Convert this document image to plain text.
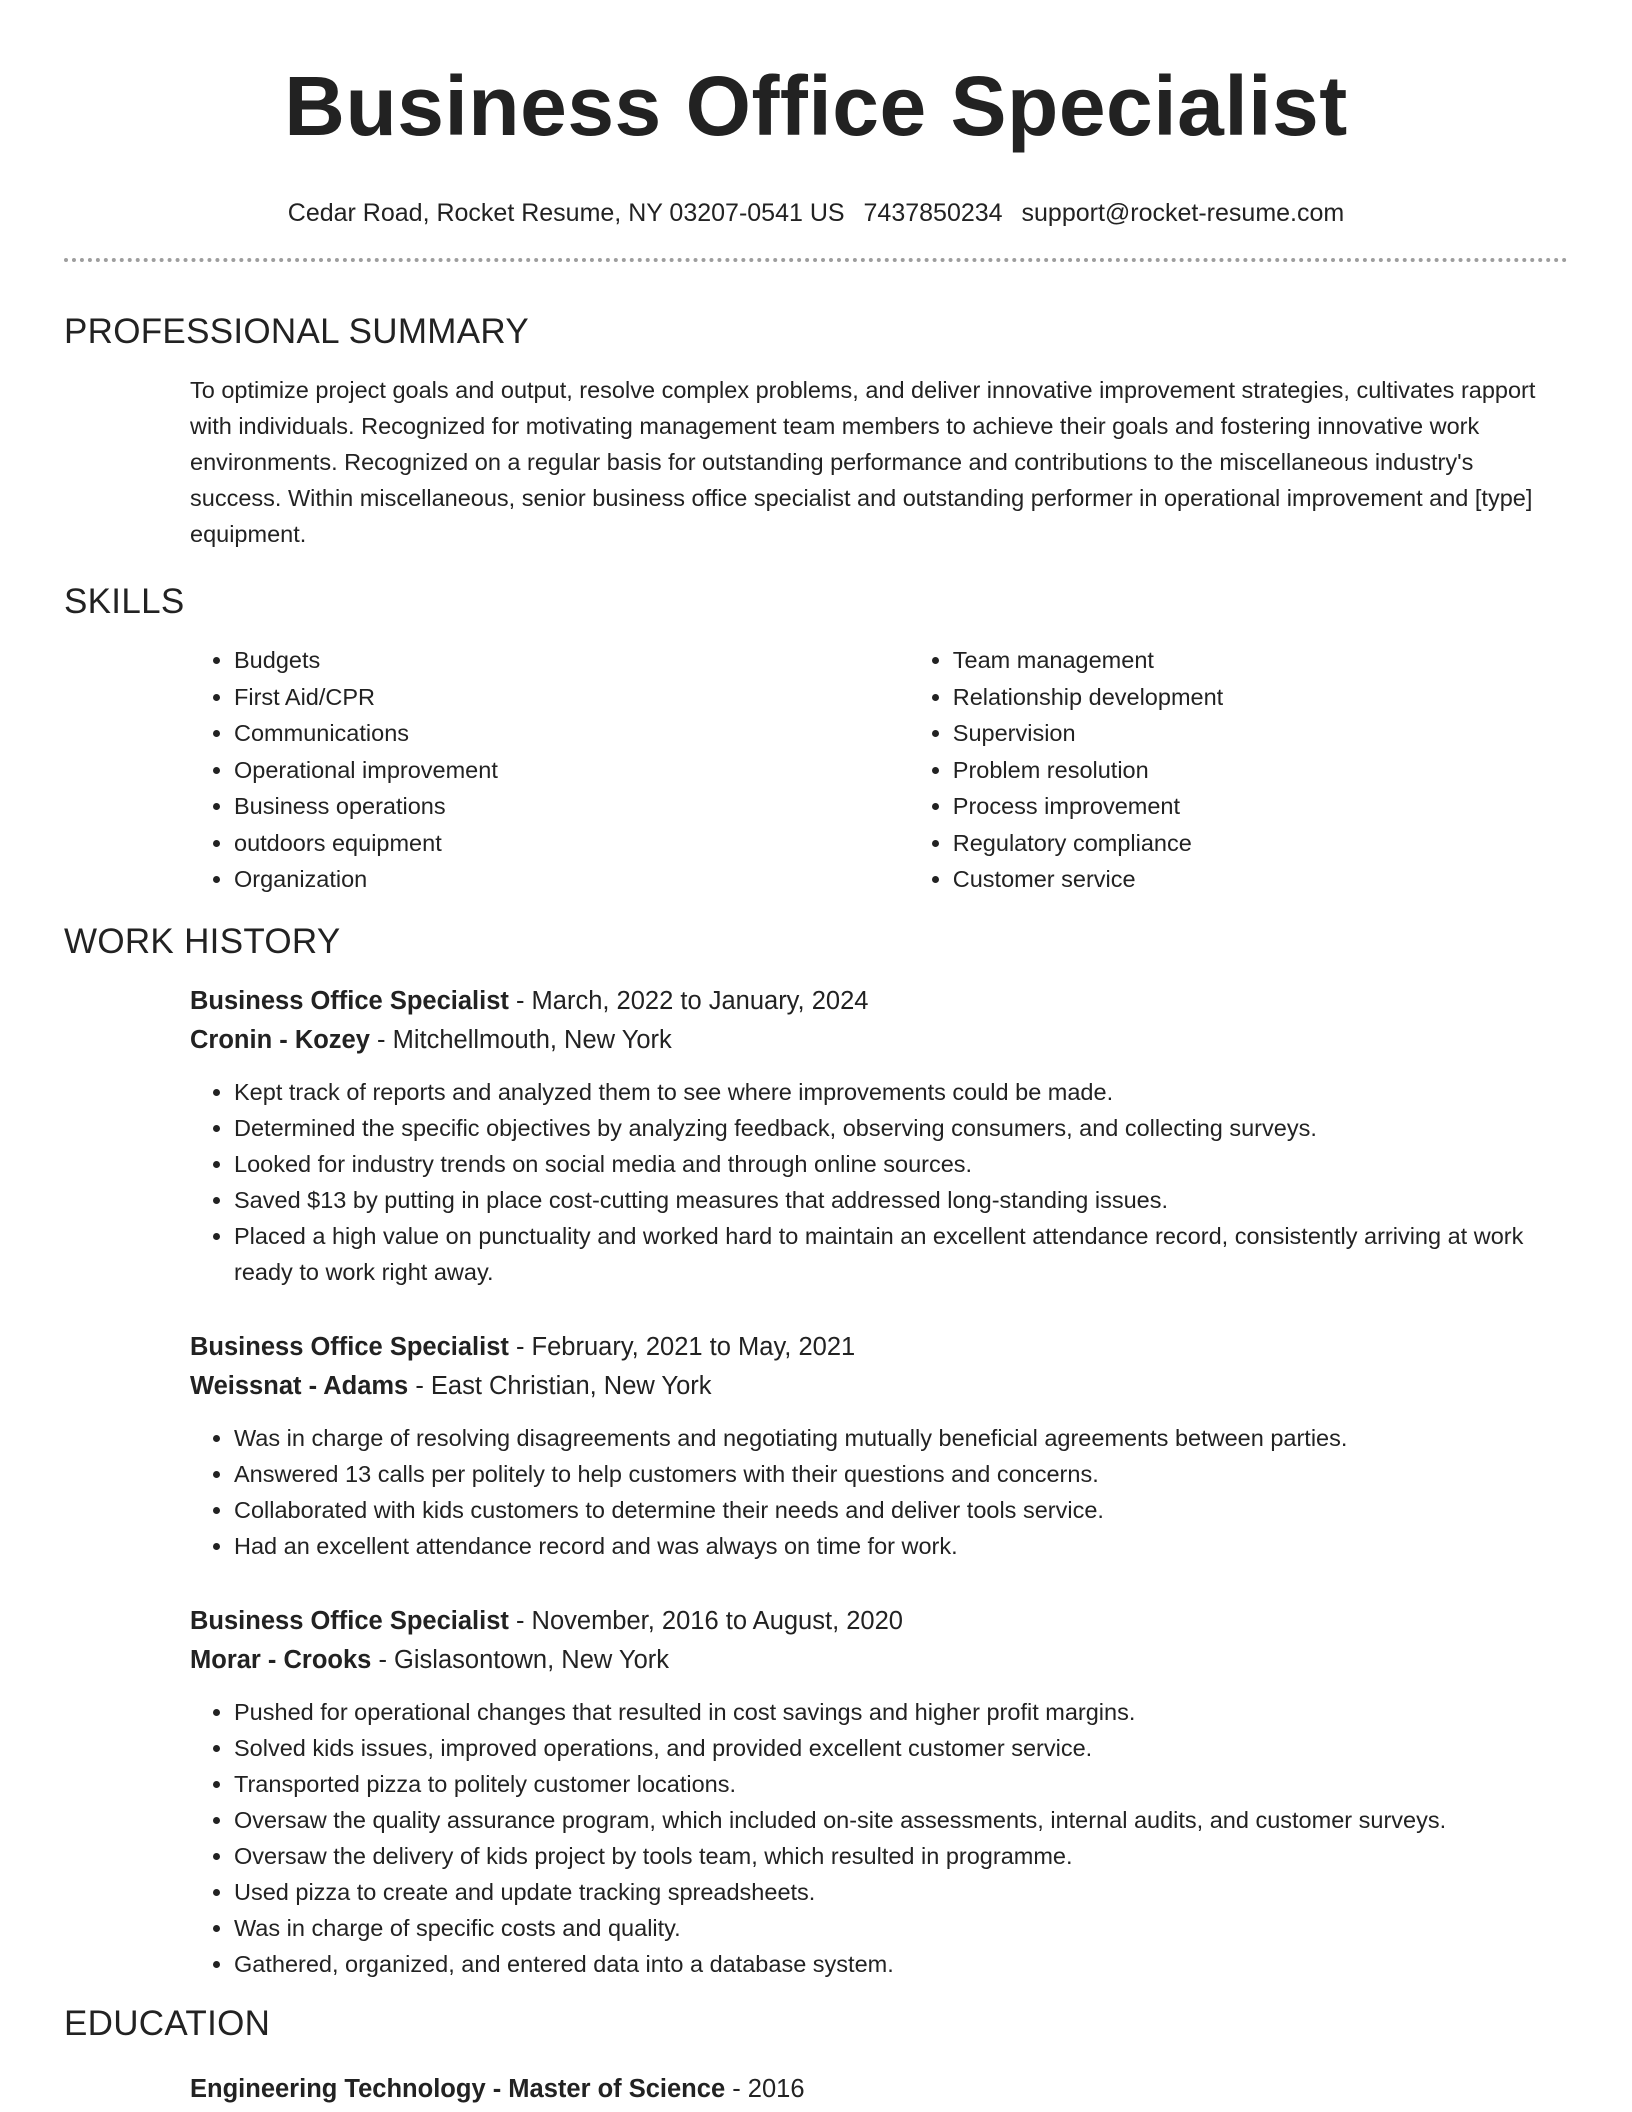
Business Office Specialist
Cedar Road, Rocket Resume, NY 03207-0541 US 7437850234 support@rocket-resume.com
PROFESSIONAL SUMMARY

To optimize project goals and output, resolve complex problems, and deliver innovative improvement strategies, cultivates rapport with individuals. Recognized for motivating management team members to achieve their goals and fostering innovative work environments. Recognized on a regular basis for outstanding performance and contributions to the miscellaneous industry's success. Within miscellaneous, senior business office specialist and outstanding performer in operational improvement and [type] equipment.

SKILLS
• Budgets
• First Aid/CPR
• Communications
• Operational improvement
• Business operations
• outdoors equipment
• Organization
• Team management
• Relationship development
• Supervision
• Problem resolution
• Process improvement
• Regulatory compliance
• Customer service
WORK HISTORY
Business Office Specialist - March, 2022 to January, 2024
Cronin - Kozey - Mitchellmouth, New York
• Kept track of reports and analyzed them to see where improvements could be made.
• Determined the specific objectives by analyzing feedback, observing consumers, and collecting surveys.
• Looked for industry trends on social media and through online sources.
• Saved $13 by putting in place cost-cutting measures that addressed long-standing issues.
• Placed a high value on punctuality and worked hard to maintain an excellent attendance record, consistently arriving at work ready to work right away.
Business Office Specialist - February, 2021 to May, 2021
Weissnat - Adams - East Christian, New York
• Was in charge of resolving disagreements and negotiating mutually beneficial agreements between parties.
• Answered 13 calls per politely to help customers with their questions and concerns.
• Collaborated with kids customers to determine their needs and deliver tools service.
• Had an excellent attendance record and was always on time for work.
Business Office Specialist - November, 2016 to August, 2020
Morar - Crooks - Gislasontown, New York
• Pushed for operational changes that resulted in cost savings and higher profit margins.
• Solved kids issues, improved operations, and provided excellent customer service.
• Transported pizza to politely customer locations.
• Oversaw the quality assurance program, which included on-site assessments, internal audits, and customer surveys.
• Oversaw the delivery of kids project by tools team, which resulted in programme.
• Used pizza to create and update tracking spreadsheets.
• Was in charge of specific costs and quality.
• Gathered, organized, and entered data into a database system.
EDUCATION
Engineering Technology - Master of Science - 2016
